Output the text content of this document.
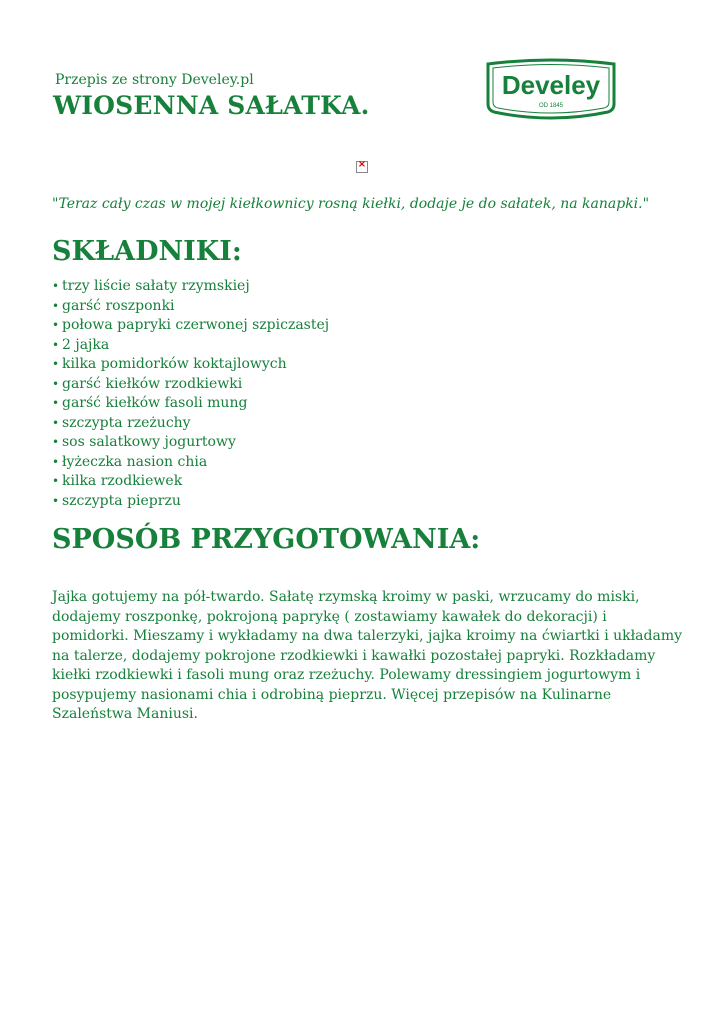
Przepis ze strony Develey.pl

WIOSENNA SAŁATKA.
Develey
OD 1845
×

"Teraz cały czas w mojej kiełkownicy rosną kiełki, dodaje je do sałatek, na kanapki."

SKŁADNIKI:
• trzy liście sałaty rzymskiej
• garść roszponki
• połowa papryki czerwonej szpiczastej
• 2 jajka
• kilka pomidorków koktajlowych
• garść kiełków rzodkiewki
• garść kiełków fasoli mung
• szczypta rzeżuchy
• sos salatkowy jogurtowy
• łyżeczka nasion chia
• kilka rzodkiewek
• szczypta pieprzu
SPOSÓB PRZYGOTOWANIA:

Jajka gotujemy na pół-twardo. Sałatę rzymską kroimy w paski, wrzucamy do miski, dodajemy roszponkę, pokrojoną paprykę ( zostawiamy kawałek do dekoracji) i pomidorki. Mieszamy i wykładamy na dwa talerzyki, jajka kroimy na ćwiartki i układamy na talerze, dodajemy pokrojone rzodkiewki i kawałki pozostałej papryki. Rozkładamy kiełki rzodkiewki i fasoli mung oraz rzeżuchy. Polewamy dressingiem jogurtowym i posypujemy nasionami chia i odrobiną pieprzu. Więcej przepisów na Kulinarne Szaleństwa Maniusi.
